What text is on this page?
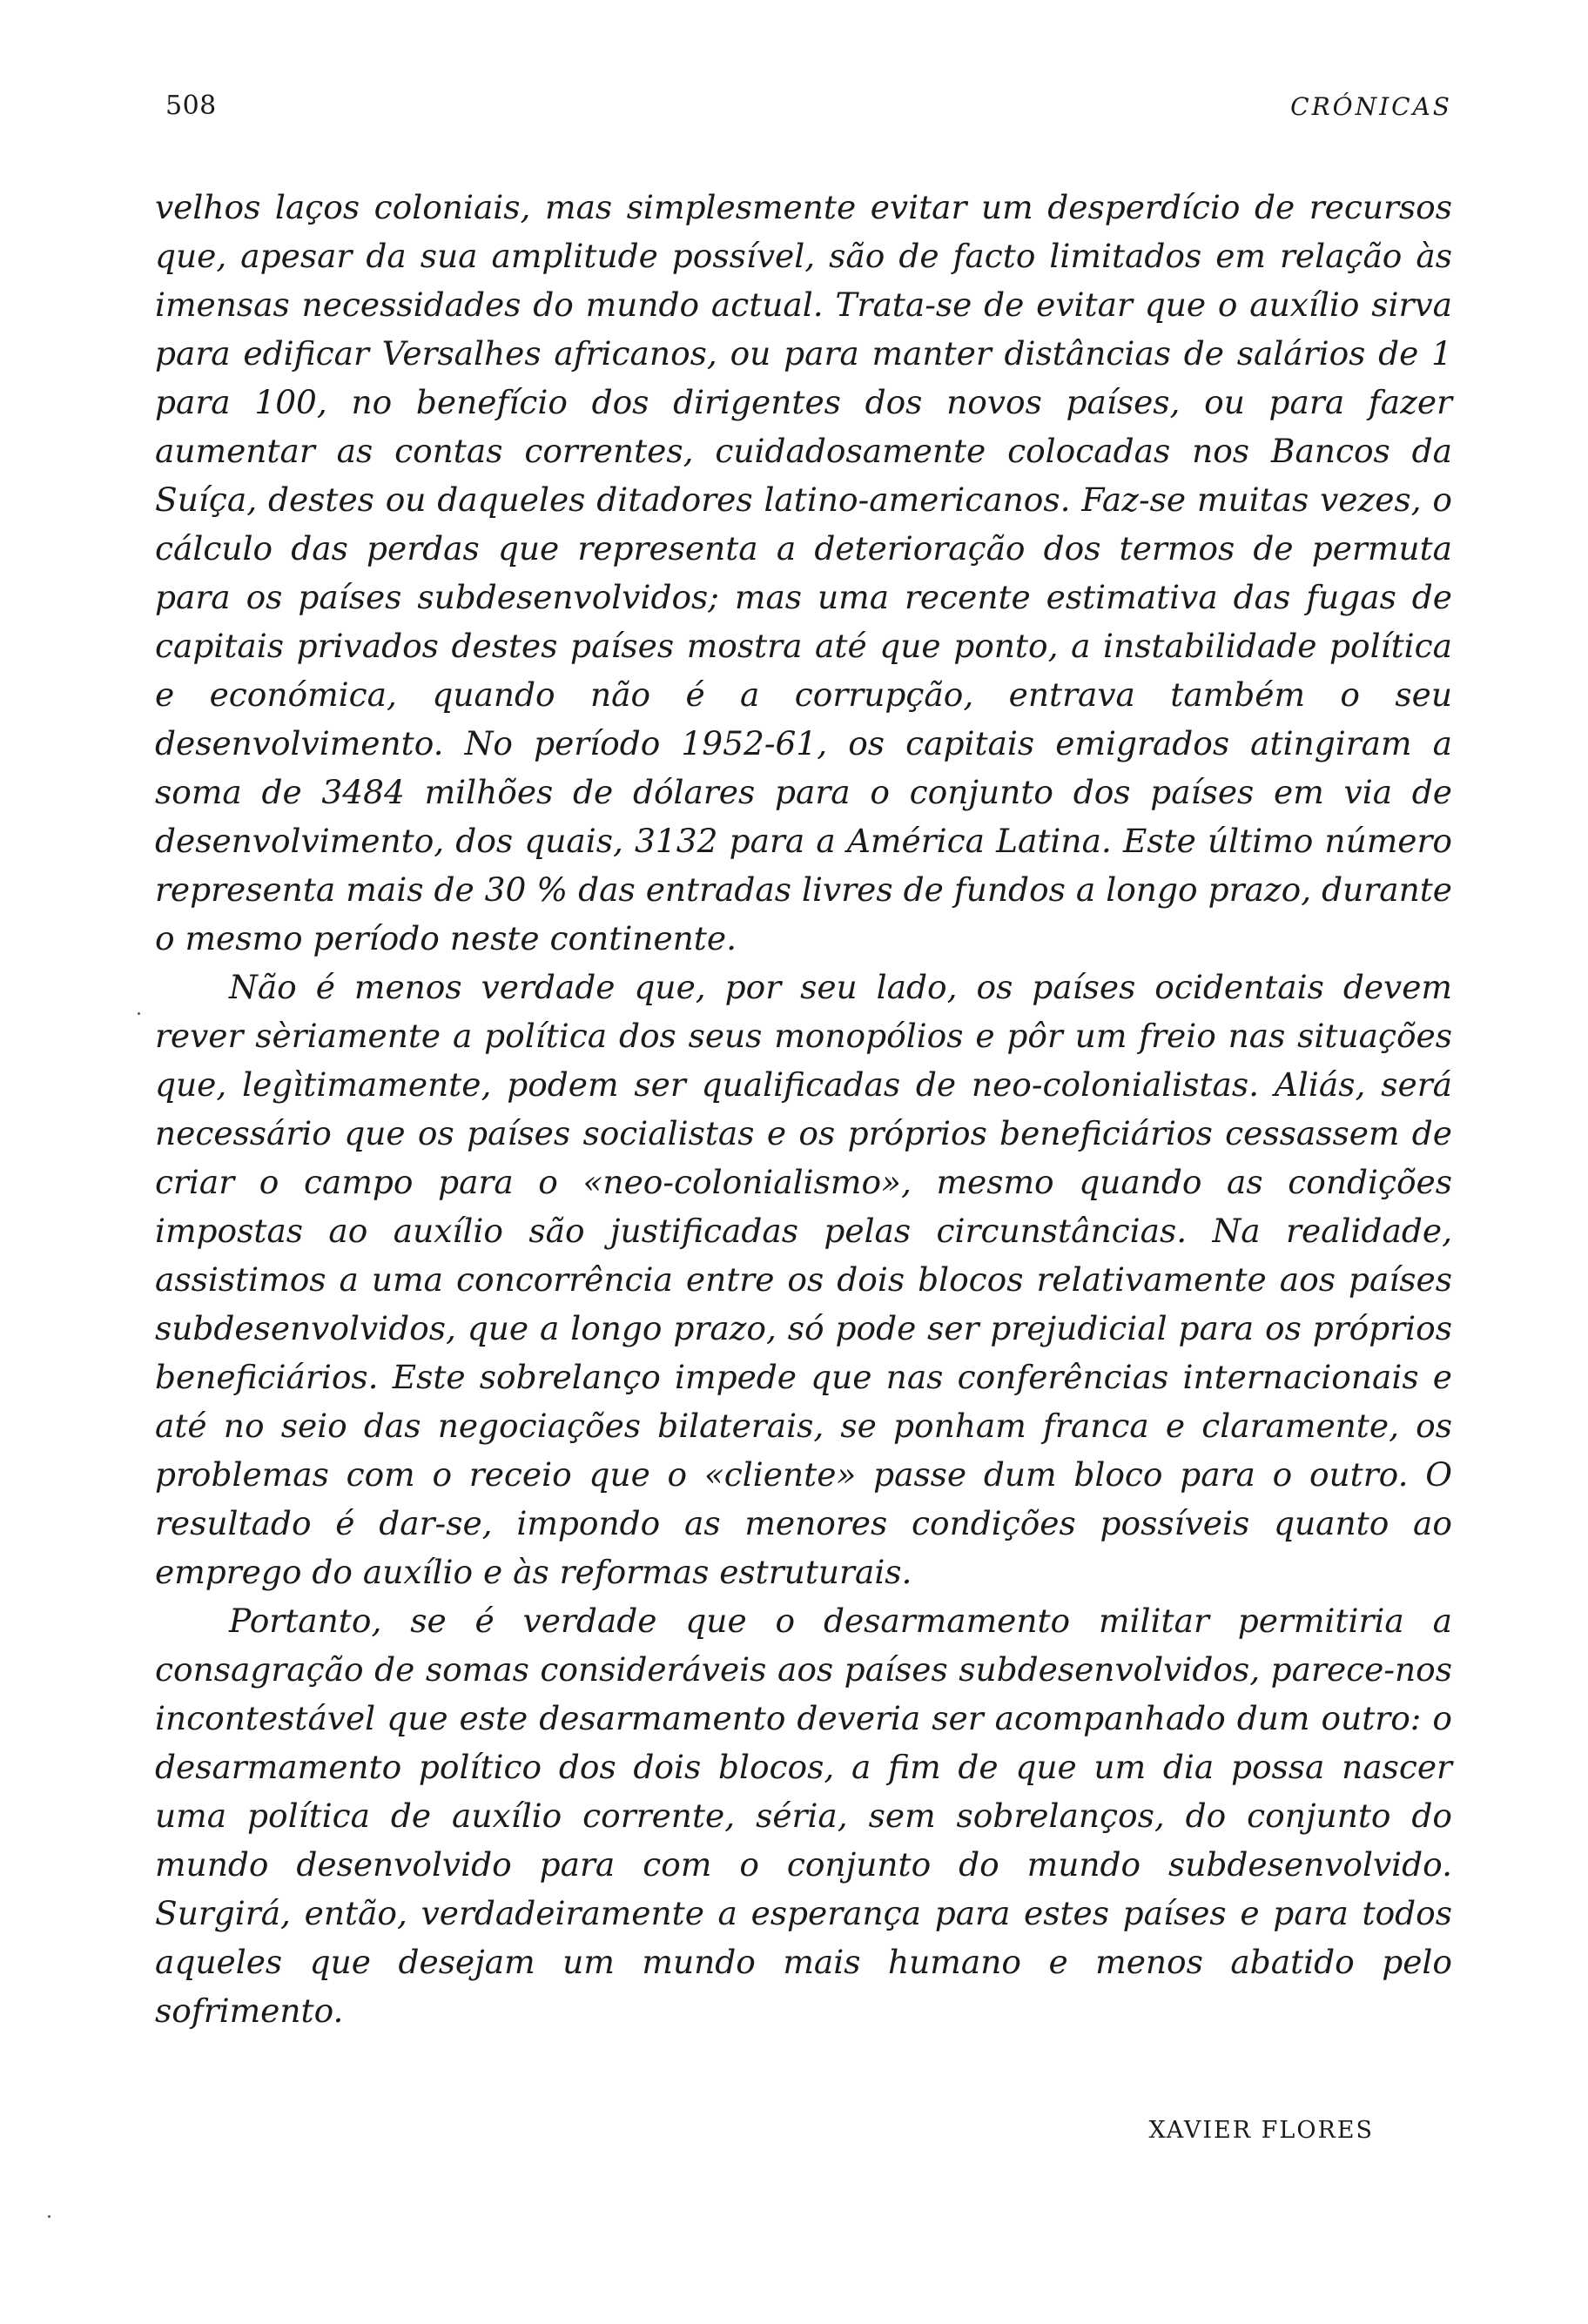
508	CRÓNICAS

velhos laços coloniais, mas simplesmente evitar um desperdício de recursos que, apesar da sua amplitude possível, são de facto limitados em relação às imensas necessidades do mundo actual. Trata-se de evitar que o auxílio sirva para edificar Versalhes africanos, ou para manter distâncias de salários de 1 para 100, no benefício dos dirigentes dos novos países, ou para fazer aumentar as contas correntes, cuidadosamente colocadas nos Bancos da Suíça, destes ou daqueles ditadores latino-americanos. Faz-se muitas vezes, o cálculo das perdas que representa a deterioração dos termos de permuta para os países subdesenvolvidos; mas uma recente estimativa das fugas de capitais privados destes países mostra até que ponto, a instabilidade política e económica, quando não é a corrupção, entrava também o seu desenvolvimento. No período 1952-61, os capitais emigrados atingiram a soma de 3484 milhões de dólares para o conjunto dos países em via de desenvolvimento, dos quais, 3132 para a América Latina. Este último número representa mais de 30 % das entradas livres de fundos a longo prazo, durante o mesmo período neste continente.

Não é menos verdade que, por seu lado, os países ocidentais devem rever sèriamente a política dos seus monopólios e pôr um freio nas situações que, legìtimamente, podem ser qualificadas de neo-colonialistas. Aliás, será necessário que os países socialistas e os próprios beneficiários cessassem de criar o campo para o «neo-colonialismo», mesmo quando as condições impostas ao auxílio são justificadas pelas circunstâncias. Na realidade, assistimos a uma concorrência entre os dois blocos relativamente aos países subdesenvolvidos, que a longo prazo, só pode ser prejudicial para os próprios beneficiários. Este sobrelanço impede que nas conferências internacionais e até no seio das negociações bilaterais, se ponham franca e claramente, os problemas com o receio que o «cliente» passe dum bloco para o outro. O resultado é dar-se, impondo as menores condições possíveis quanto ao emprego do auxílio e às reformas estruturais.

Portanto, se é verdade que o desarmamento militar permitiria a consagração de somas consideráveis aos países subdesenvolvidos, parece-nos incontestável que este desarmamento deveria ser acompanhado dum outro: o desarmamento político dos dois blocos, a fim de que um dia possa nascer uma política de auxílio corrente, séria, sem sobrelanços, do conjunto do mundo desenvolvido para com o conjunto do mundo subdesenvolvido. Surgirá, então, verdadeiramente a esperança para estes países e para todos aqueles que desejam um mundo mais humano e menos abatido pelo sofrimento.

XAVIER FLORES
